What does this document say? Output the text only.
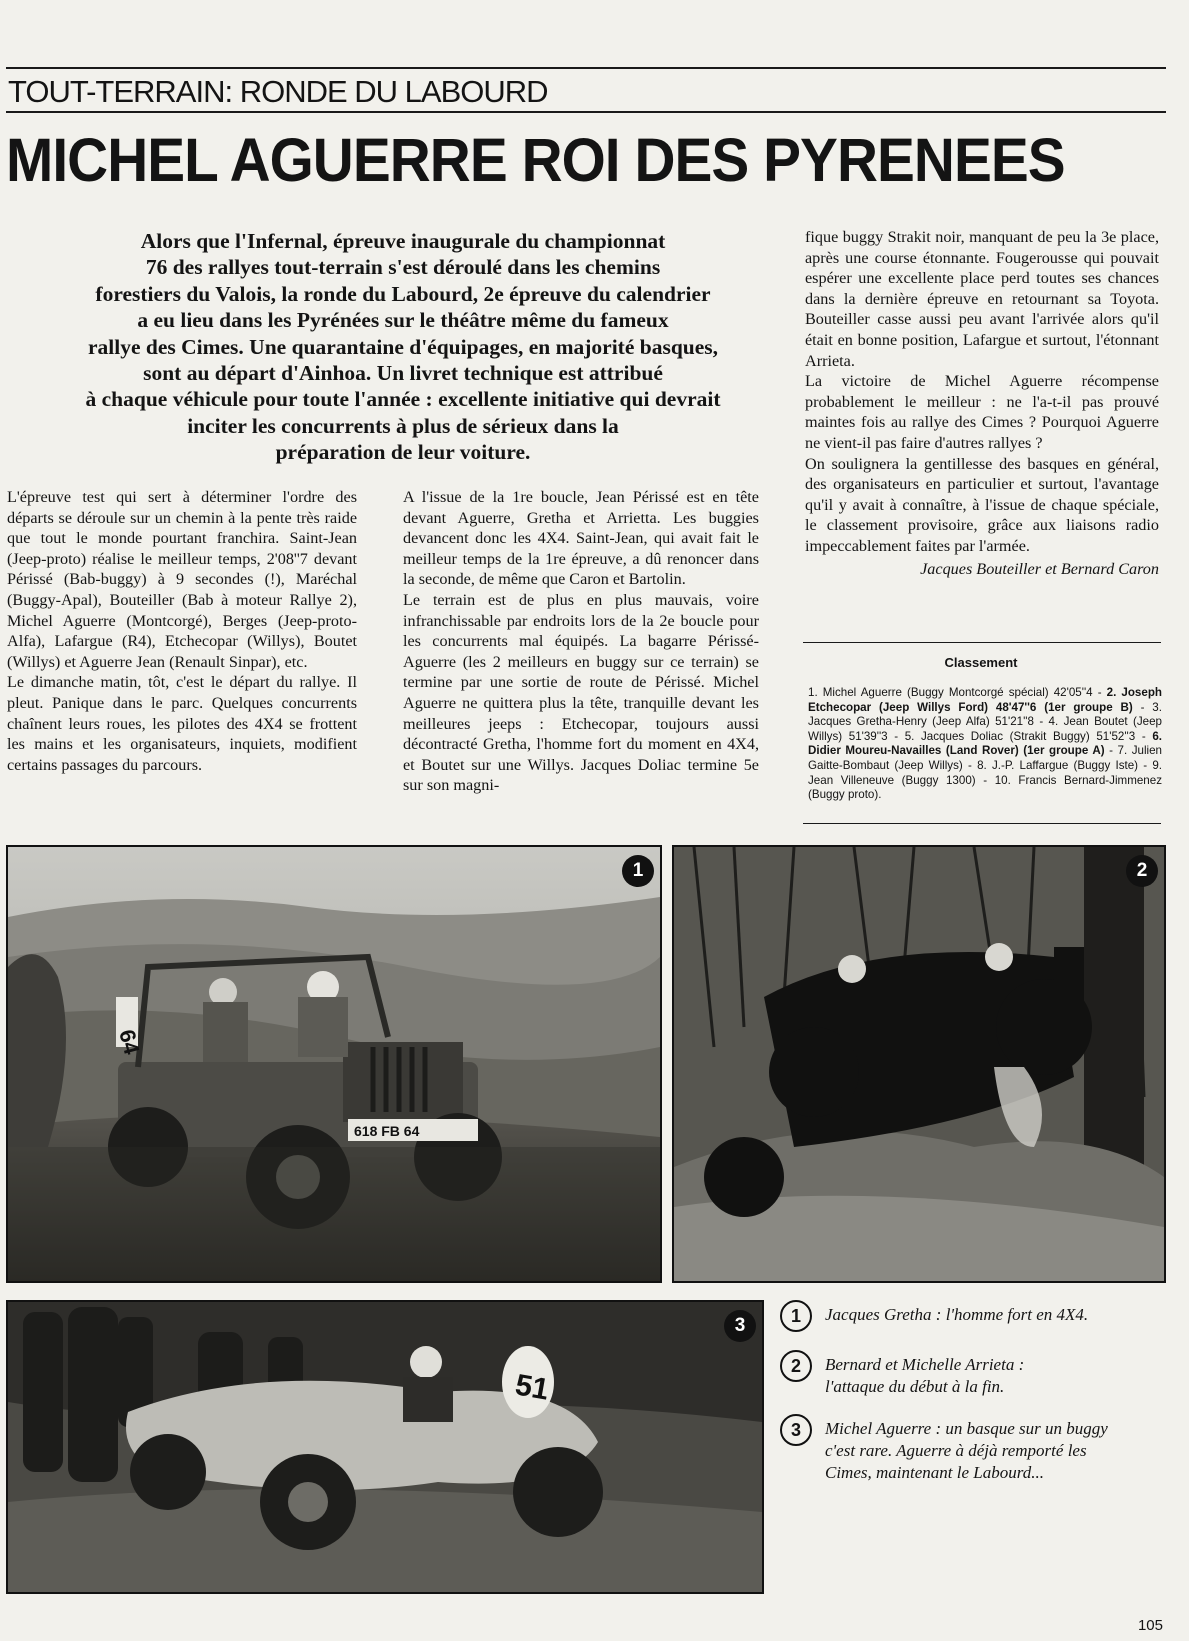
TOUT-TERRAIN: RONDE DU LABOURD
MICHEL AGUERRE ROI DES PYRENEES
Alors que l'Infernal, épreuve inaugurale du championnat
76 des rallyes tout-terrain s'est déroulé dans les chemins
forestiers du Valois, la ronde du Labourd, 2e épreuve du calendrier
a eu lieu dans les Pyrénées sur le théâtre même du fameux
rallye des Cimes. Une quarantaine d'équipages, en majorité basques,
sont au départ d'Ainhoa. Un livret technique est attribué
à chaque véhicule pour toute l'année : excellente initiative qui devrait
inciter les concurrents à plus de sérieux dans la
préparation de leur voiture.

L'épreuve test qui sert à déterminer l'ordre des départs se déroule sur un chemin à la pente très raide que tout le monde pourtant franchira. Saint-Jean (Jeep-proto) réalise le meilleur temps, 2'08''7 devant Périssé (Bab-buggy) à 9 secondes (!), Maréchal (Buggy-Apal), Bouteiller (Bab à moteur Rallye 2), Michel Aguerre (Montcorgé), Berges (Jeep-proto-Alfa), Lafargue (R4), Etchecopar (Willys), Boutet (Willys) et Aguerre Jean (Renault Sinpar), etc.

Le dimanche matin, tôt, c'est le départ du rallye. Il pleut. Panique dans le parc. Quelques concurrents chaînent leurs roues, les pilotes des 4X4 se frottent les mains et les organisateurs, inquiets, modifient certains passages du parcours.

A l'issue de la 1re boucle, Jean Périssé est en tête devant Aguerre, Gretha et Arrietta. Les buggies devancent donc les 4X4. Saint-Jean, qui avait fait le meilleur temps de la 1re épreuve, a dû renoncer dans la seconde, de même que Caron et Bartolin.

Le terrain est de plus en plus mauvais, voire infranchissable par endroits lors de la 2e boucle pour les concurrents mal équipés. La bagarre Périssé-Aguerre (les 2 meilleurs en buggy sur ce terrain) se termine par une sortie de route de Périssé. Michel Aguerre ne quittera plus la tête, tranquille devant les meilleures jeeps : Etchecopar, toujours aussi décontracté Gretha, l'homme fort du moment en 4X4, et Boutet sur une Willys. Jacques Doliac termine 5e sur son magni-

fique buggy Strakit noir, manquant de peu la 3e place, après une course étonnante. Fougerousse qui pouvait espérer une excellente place perd toutes ses chances dans la dernière épreuve en retournant sa Toyota. Bouteiller casse aussi peu avant l'arrivée alors qu'il était en bonne position, Lafargue et surtout, l'étonnant Arrieta.

La victoire de Michel Aguerre récompense probablement le meilleur : ne l'a-t-il pas prouvé maintes fois au rallye des Cimes ? Pourquoi Aguerre ne vient-il pas faire d'autres rallyes ?

On soulignera la gentillesse des basques en général, des organisateurs en particulier et surtout, l'avantage qu'il y avait à connaître, à l'issue de chaque spéciale, le classement provisoire, grâce aux liaisons radio impeccablement faites par l'armée.

Jacques Bouteiller et Bernard Caron

Classement
1. Michel Aguerre (Buggy Montcorgé spécial) 42'05''4 - 2. Joseph Etchecopar (Jeep Willys Ford) 48'47''6 (1er groupe B) - 3. Jacques Gretha-Henry (Jeep Alfa) 51'21''8 - 4. Jean Boutet (Jeep Willys) 51'39''3 - 5. Jacques Doliac (Strakit Buggy) 51'52''3 - 6. Didier Moureu-Navailles (Land Rover) (1er groupe A) - 7. Julien Gaitte-Bombaut (Jeep Willys) - 8. J.-P. Laffargue (Buggy Iste) - 9. Jean Villeneuve (Buggy 1300) - 10. Francis Bernard-Jimmenez (Buggy proto).
64
618 FB 64
1	2
51
3	1	Jacques Gretha : l'homme fort en 4X4.
2	Bernard et Michelle Arrieta : l'attaque du début à la fin.
3	Michel Aguerre : un basque sur un buggy c'est rare. Aguerre à déjà remporté les Cimes, maintenant le Labourd...
105
